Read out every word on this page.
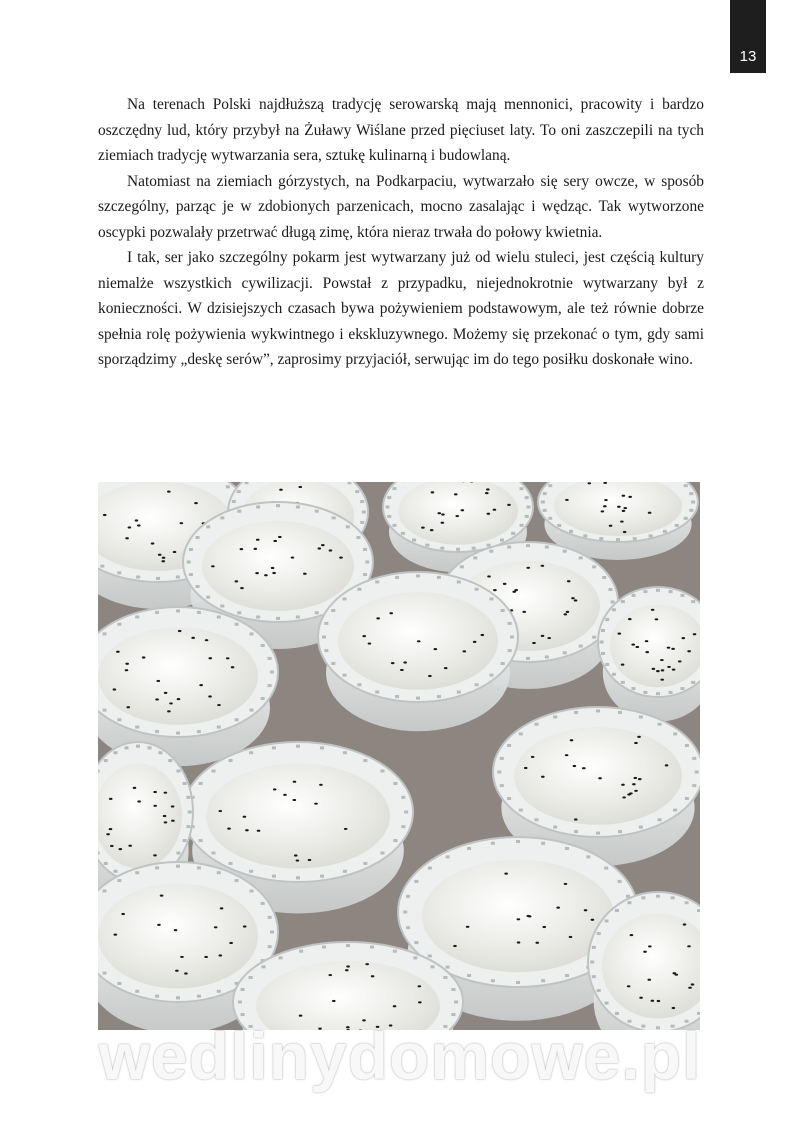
13

Na terenach Polski najdłuższą tradycję serowarską mają mennonici, pracowity i bardzo oszczędny lud, który przybył na Żuławy Wiślane przed pięciuset laty. To oni zaszczepili na tych ziemiach tradycję wytwarzania sera, sztukę kulinarną i budowlaną.

Natomiast na ziemiach górzystych, na Podkarpaciu, wytwarzało się sery owcze, w sposób szczególny, parząc je w zdobionych parzenicach, mocno zasalając i wędząc. Tak wytworzone oscypki pozwalały przetrwać długą zimę, która nieraz trwała do połowy kwietnia.

I tak, ser jako szczególny pokarm jest wytwarzany już od wielu stuleci, jest częścią kultury niemalże wszystkich cywilizacji. Powstał z przypadku, niejednokrotnie wytwarzany był z konieczności. W dzisiejszych czasach bywa pożywieniem podstawowym, ale też równie dobrze spełnia rolę pożywienia wykwintnego i ekskluzywnego. Możemy się przekonać o tym, gdy sami sporządzimy „deskę serów”, zaprosimy przyjaciół, serwując im do tego posiłku doskonałe wino.

wedlinydomowe.pl
